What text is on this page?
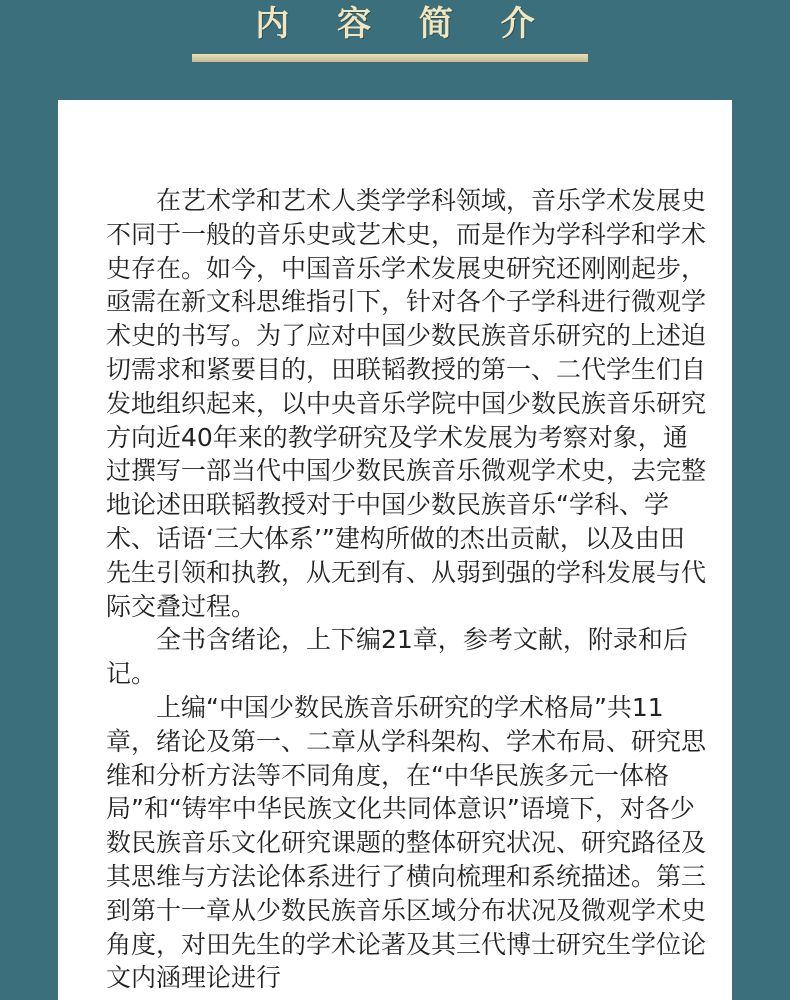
内 容 简 介

在艺术学和艺术人类学学科领域，音乐学术发展史不同于一般的音乐史或艺术史，而是作为学科学和学术史存在。如今，中国音乐学术发展史研究还刚刚起步，亟需在新文科思维指引下，针对各个子学科进行微观学术史的书写。为了应对中国少数民族音乐研究的上述迫切需求和紧要目的，田联韬教授的第一、二代学生们自发地组织起来，以中央音乐学院中国少数民族音乐研究方向近40年来的教学研究及学术发展为考察对象，通过撰写一部当代中国少数民族音乐微观学术史，去完整地论述田联韬教授对于中国少数民族音乐“学科、学术、话语‘三大体系’”建构所做的杰出贡献，以及由田先生引领和执教，从无到有、从弱到强的学科发展与代际交叠过程。

全书含绪论，上下编21章，参考文献，附录和后记。

上编“中国少数民族音乐研究的学术格局”共11章，绪论及第一、二章从学科架构、学术布局、研究思维和分析方法等不同角度，在“中华民族多元一体格局”和“铸牢中华民族文化共同体意识”语境下，对各少数民族音乐文化研究课题的整体研究状况、研究路径及其思维与方法论体系进行了横向梳理和系统描述。第三到第十一章从少数民族音乐区域分布状况及微观学术史角度，对田先生的学术论著及其三代博士研究生学位论文内涵理论进行
